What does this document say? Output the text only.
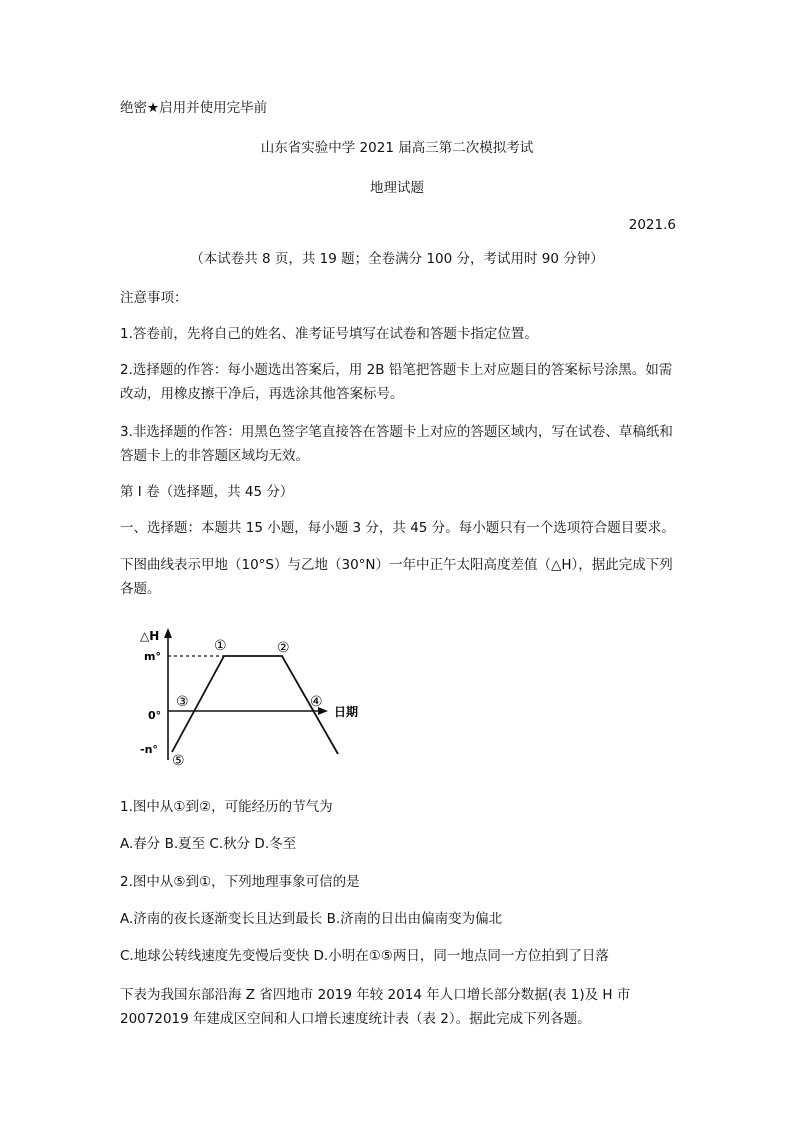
绝密★启用并使用完毕前
山东省实验中学 2021 届高三第二次模拟考试
地理试题
2021.6
（本试卷共 8 页，共 19 题；全卷满分 100 分，考试用时 90 分钟）
注意事项：
1.答卷前，先将自己的姓名、准考证号填写在试卷和答题卡指定位置。
2.选择题的作答：每小题选出答案后，用 2B 铅笔把答题卡上对应题目的答案标号涂黑。如需改动，用橡皮擦干净后，再选涂其他答案标号。
3.非选择题的作答：用黑色签字笔直接答在答题卡上对应的答题区域内，写在试卷、草稿纸和答题卡上的非答题区域均无效。
第 I 卷（选择题，共 45 分）
一、选择题：本题共 15 小题，每小题 3 分，共 45 分。每小题只有一个选项符合题目要求。
下图曲线表示甲地（10°S）与乙地（30°N）一年中正午太阳高度差值（△H），据此完成下列各题。
△H
日期
m°
0°
-n°
①	②
③	④
⑤
1.图中从①到②，可能经历的节气为
A.春分 B.夏至 C.秋分 D.冬至
2.图中从⑤到①，下列地理事象可信的是
A.济南的夜长逐渐变长且达到最长 B.济南的日出由偏南变为偏北
C.地球公转线速度先变慢后变快 D.小明在①⑤两日，同一地点同一方位拍到了日落
下表为我国东部沿海 Z 省四地市 2019 年较 2014 年人口增长部分数据(表 1)及 H 市 20072019 年建成区空间和人口增长速度统计表（表 2）。据此完成下列各题。
